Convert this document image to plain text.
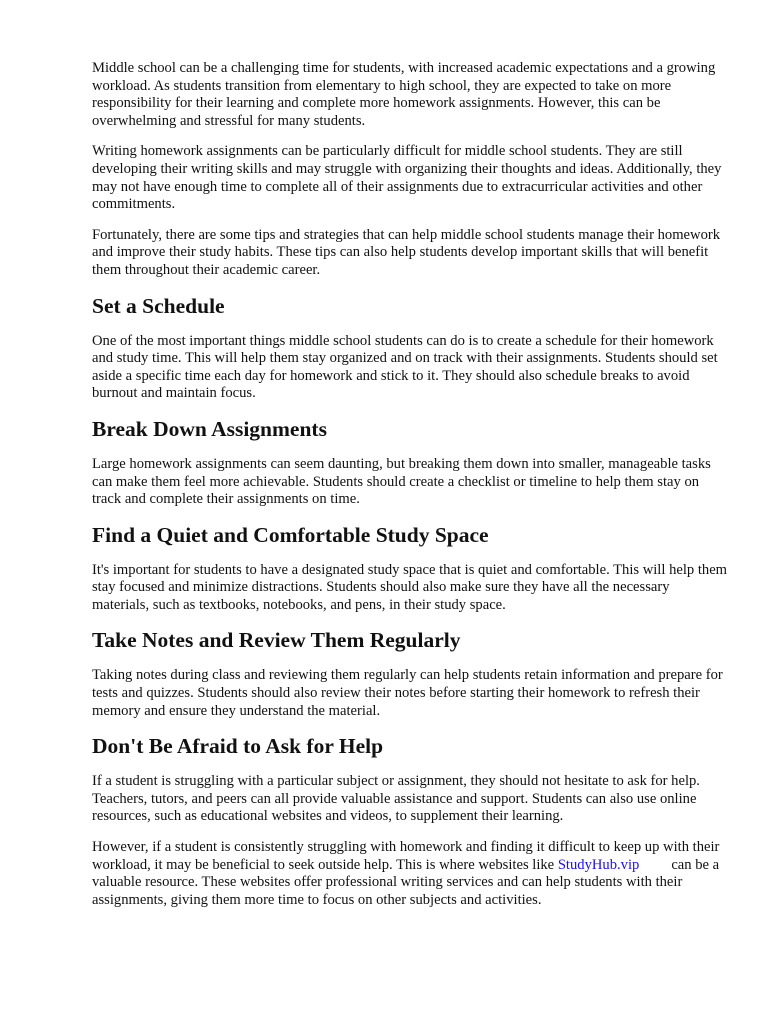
Middle school can be a challenging time for students, with increased academic expectations and a growing workload. As students transition from elementary to high school, they are expected to take on more responsibility for their learning and complete more homework assignments. However, this can be overwhelming and stressful for many students.

Writing homework assignments can be particularly difficult for middle school students. They are still developing their writing skills and may struggle with organizing their thoughts and ideas. Additionally, they may not have enough time to complete all of their assignments due to extracurricular activities and other commitments.

Fortunately, there are some tips and strategies that can help middle school students manage their homework and improve their study habits. These tips can also help students develop important skills that will benefit them throughout their academic career.

Set a Schedule

One of the most important things middle school students can do is to create a schedule for their homework and study time. This will help them stay organized and on track with their assignments. Students should set aside a specific time each day for homework and stick to it. They should also schedule breaks to avoid burnout and maintain focus.

Break Down Assignments

Large homework assignments can seem daunting, but breaking them down into smaller, manageable tasks can make them feel more achievable. Students should create a checklist or timeline to help them stay on track and complete their assignments on time.

Find a Quiet and Comfortable Study Space

It's important for students to have a designated study space that is quiet and comfortable. This will help them stay focused and minimize distractions. Students should also make sure they have all the necessary materials, such as textbooks, notebooks, and pens, in their study space.

Take Notes and Review Them Regularly

Taking notes during class and reviewing them regularly can help students retain information and prepare for tests and quizzes. Students should also review their notes before starting their homework to refresh their memory and ensure they understand the material.

Don't Be Afraid to Ask for Help

If a student is struggling with a particular subject or assignment, they should not hesitate to ask for help. Teachers, tutors, and peers can all provide valuable assistance and support. Students can also use online resources, such as educational websites and videos, to supplement their learning.

However, if a student is consistently struggling with homework and finding it difficult to keep up with their workload, it may be beneficial to seek outside help. This is where websites like StudyHub.vip can be a valuable resource. These websites offer professional writing services and can help students with their assignments, giving them more time to focus on other subjects and activities.
